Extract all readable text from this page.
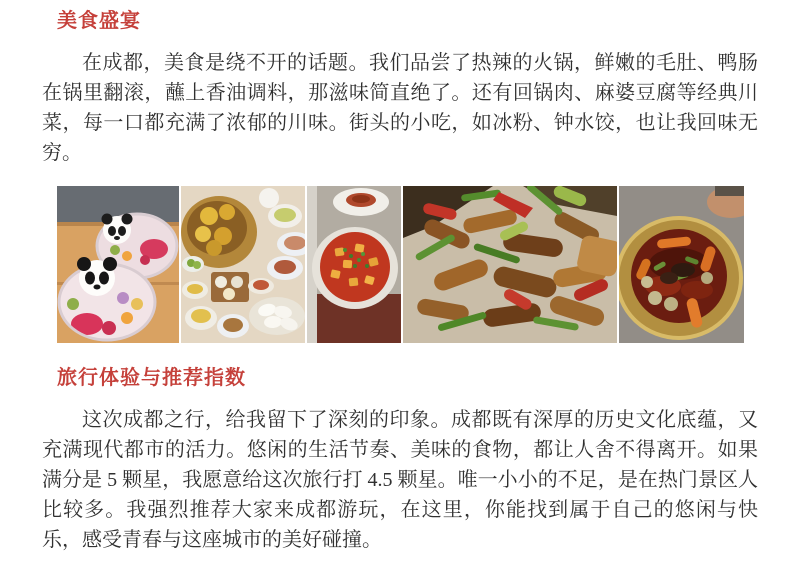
美食盛宴

在成都，美食是绕不开的话题。我们品尝了热辣的火锅，鲜嫩的毛肚、鸭肠在锅里翻滚，蘸上香油调料，那滋味简直绝了。还有回锅肉、麻婆豆腐等经典川菜，每一口都充满了浓郁的川味。街头的小吃，如冰粉、钟水饺，也让我回味无穷。

旅行体验与推荐指数

这次成都之行，给我留下了深刻的印象。成都既有深厚的历史文化底蕴，又充满现代都市的活力。悠闲的生活节奏、美味的食物，都让人舍不得离开。如果满分是 5 颗星，我愿意给这次旅行打 4.5 颗星。唯一小小的不足，是在热门景区人比较多。我强烈推荐大家来成都游玩，在这里，你能找到属于自己的悠闲与快乐，感受青春与这座城市的美好碰撞。
